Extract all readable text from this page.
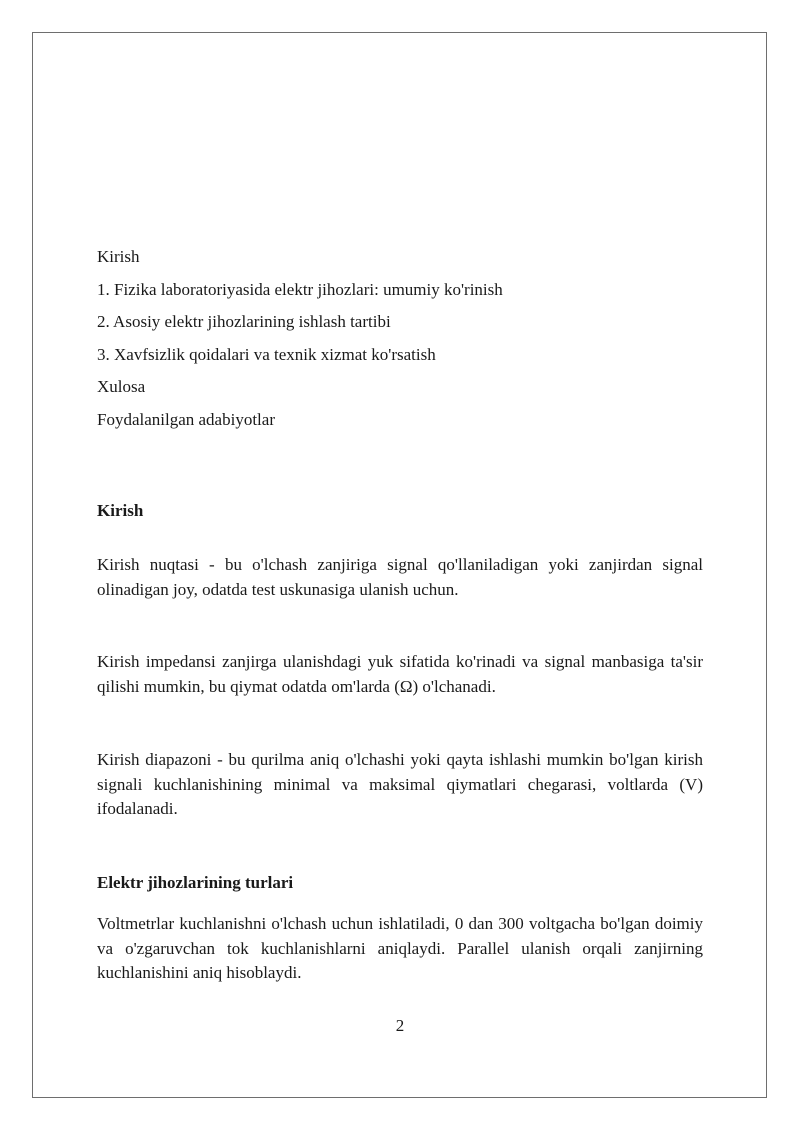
Kirish
1. Fizika laboratoriyasida elektr jihozlari: umumiy ko'rinish
2. Asosiy elektr jihozlarining ishlash tartibi
3. Xavfsizlik qoidalari va texnik xizmat ko'rsatish
Xulosa
Foydalanilgan adabiyotlar
Kirish

Kirish nuqtasi - bu o'lchash zanjiriga signal qo'llaniladigan yoki zanjirdan signal olinadigan joy, odatda test uskunasiga ulanish uchun.

Kirish impedansi zanjirga ulanishdagi yuk sifatida ko'rinadi va signal manbasiga ta'sir qilishi mumkin, bu qiymat odatda om'larda (Ω) o'lchanadi.

Kirish diapazoni - bu qurilma aniq o'lchashi yoki qayta ishlashi mumkin bo'lgan kirish signali kuchlanishining minimal va maksimal qiymatlari chegarasi, voltlarda (V) ifodalanadi.

Elektr jihozlarining turlari

Voltmetrlar kuchlanishni o'lchash uchun ishlatiladi, 0 dan 300 voltgacha bo'lgan doimiy va o'zgaruvchan tok kuchlanishlarni aniqlaydi. Parallel ulanish orqali zanjirning kuchlanishini aniq hisoblaydi.

2
